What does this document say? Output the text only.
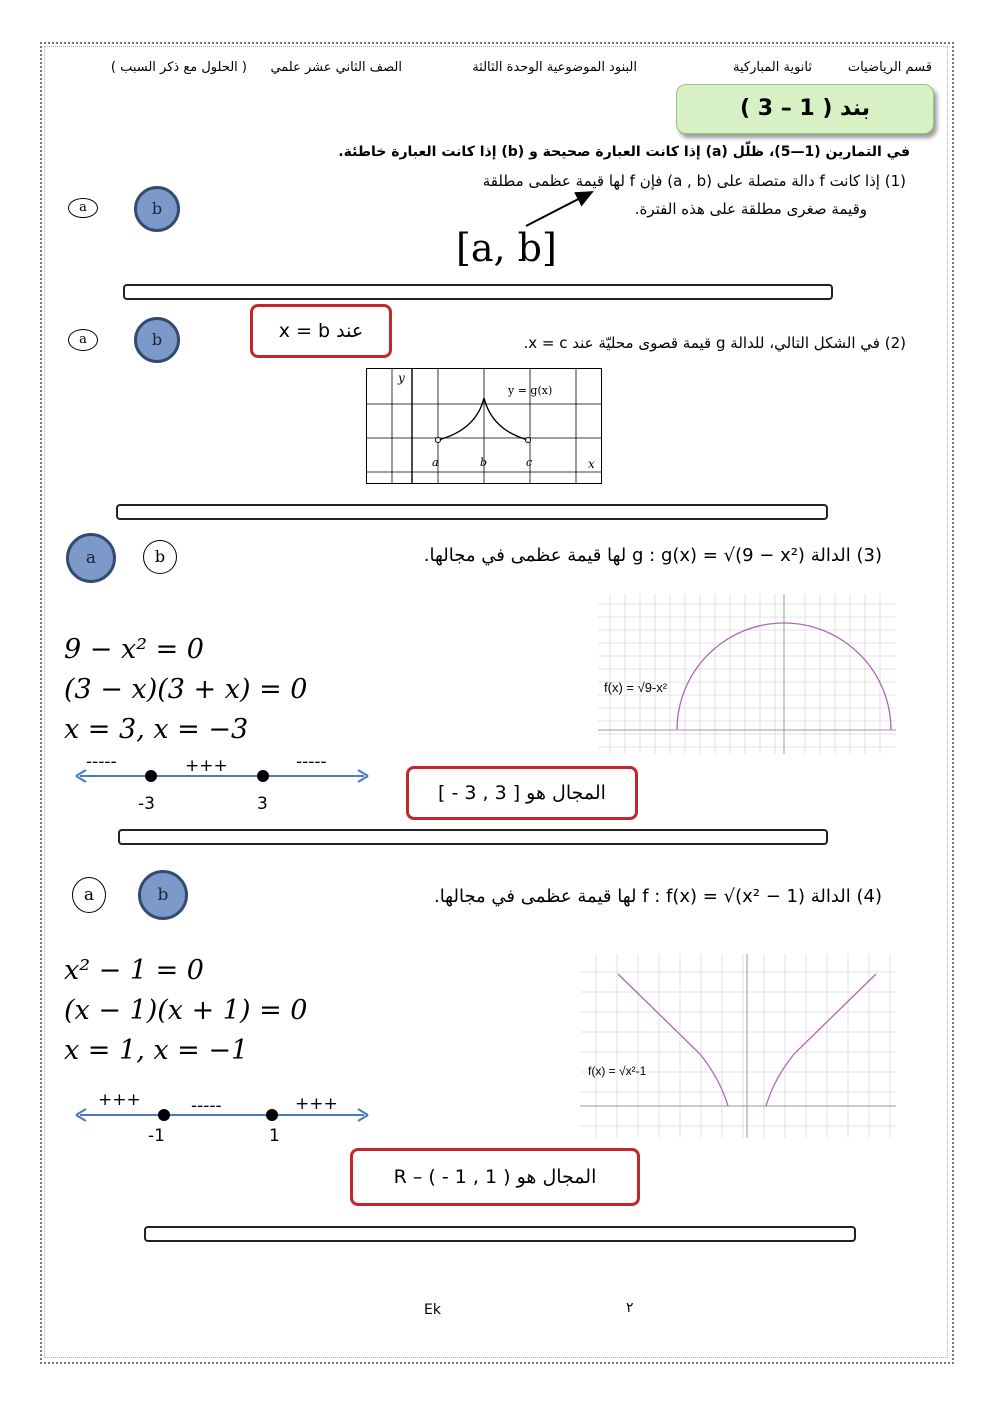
قسم الرياضيات
ثانوية المباركية
البنود الموضوعية الوحدة الثالثة
الصف الثاني عشر علمي
( الحلول مع ذكر السبب )
بند ( 1 – 3 )
في التمارين (1—5)، ظلّل (a) إذا كانت العبارة صحيحة و (b) إذا كانت العبارة خاطئة.
a	b
(1) إذا كانت f دالة متصلة على (a , b) فإن f لها قيمة عظمى مطلقة
وقيمة صغرى مطلقة على هذه الفترة.
[a, b]
a	b	عند x = b
(2) في الشكل التالي، للدالة g قيمة قصوى محليّة عند x = c.
y
x
y = g(x)
a	b	c
a	b	(3) الدالة g : g(x) = √(9 − x²) لها قيمة عظمى في مجالها.
9 − x² = 0
(3 − x)(3 + x) = 0
x = 3, x = −3
-----	+++	-----
-3	3	المجال هو [ 3 , 3 - ]
f(x) = √9-x²
a	b	(4) الدالة f : f(x) = √(x² − 1) لها قيمة عظمى في مجالها.
x² − 1 = 0
(x − 1)(x + 1) = 0
x = 1, x = −1
+++	-----	+++
-1	1
المجال هو ( 1 , 1 - ) – R
f(x) = √x²-1
Ek	٢
